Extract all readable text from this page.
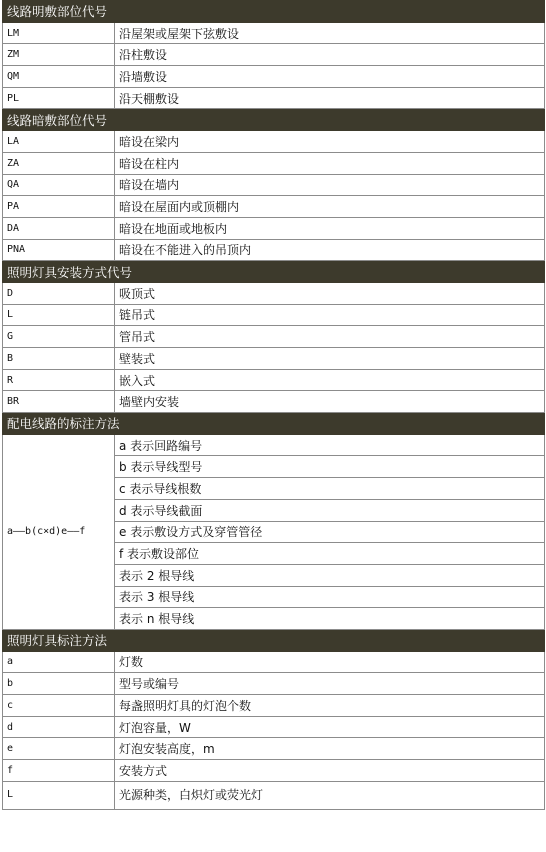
线路明敷部位代号	
LM	沿屋架或屋架下弦敷设
ZM	沿柱敷设
QM	沿墙敷设
PL	沿天棚敷设
线路暗敷部位代号	
LA	暗设在梁内
ZA	暗设在柱内
QA	暗设在墙内
PA	暗设在屋面内或顶棚内
DA	暗设在地面或地板内
PNA	暗设在不能进入的吊顶内
照明灯具安装方式代号	
D	吸顶式
L	链吊式
G	管吊式
B	壁装式
R	嵌入式
BR	墙壁内安装
配电线路的标注方法	
a——b(c×d)e——f	a 表示回路编号
	b 表示导线型号
	c 表示导线根数
	d 表示导线截面
	e 表示敷设方式及穿管管径
	f 表示敷设部位
	表示 2 根导线
	表示 3 根导线
	表示 n 根导线
照明灯具标注方法	
a	灯数
b	型号或编号
c	每盏照明灯具的灯泡个数
d	灯泡容量，W
e	灯泡安装高度，m
f	安装方式
L	光源种类，白炽灯或荧光灯
